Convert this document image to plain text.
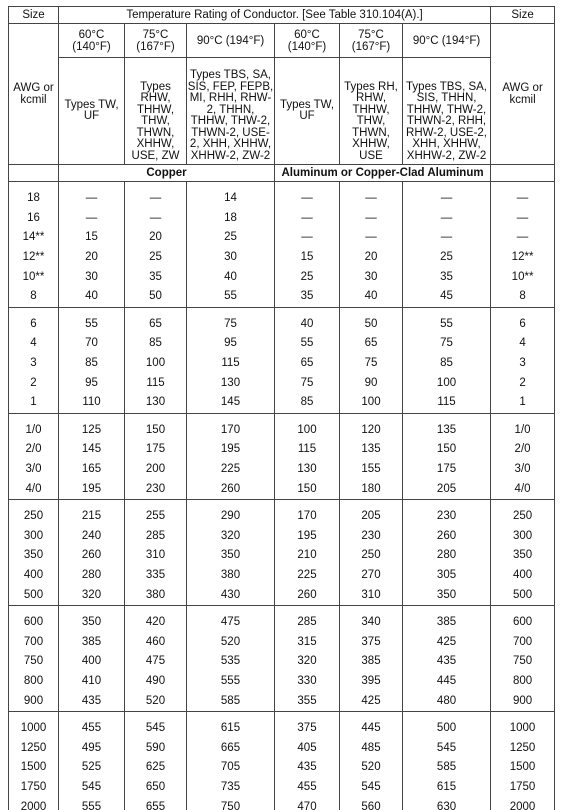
Size	Temperature Rating of Conductor. [See Table 310.104(A).]						Size
AWG or kcmil	60°C (140°F)	75°C (167°F)	90°C (194°F)	60°C (140°F)	75°C (167°F)	90°C (194°F)	AWG or kcmil
	Types TW, UF	Types RHW, THHW, THW, THWN, XHHW, USE, ZW	Types TBS, SA, SIS, FEP, FEPB, MI, RHH, RHW-2, THHN, THHW, THW-2, THWN-2, USE-2, XHH, XHHW, XHHW-2, ZW-2	Types TW, UF	Types RH, RHW, THHW, THW, THWN, XHHW, USE	Types TBS, SA, SIS, THHN, THHW, THW-2, THWN-2, RHH, RHW-2, USE-2, XHH, XHHW, XHHW-2, ZW-2	
	Copper			Aluminum or Copper-Clad Aluminum			

18	—	—	14	—	—	—	—
16	—	—	18	—	—	—	—
14**	15	20	25	—	—	—	—
12**	20	25	30	15	20	25	12**
10**	30	35	40	25	30	35	10**
8	40	50	55	35	40	45	8

6	55	65	75	40	50	55	6
4	70	85	95	55	65	75	4
3	85	100	115	65	75	85	3
2	95	115	130	75	90	100	2
1	110	130	145	85	100	115	1

1/0	125	150	170	100	120	135	1/0
2/0	145	175	195	115	135	150	2/0
3/0	165	200	225	130	155	175	3/0
4/0	195	230	260	150	180	205	4/0

250	215	255	290	170	205	230	250
300	240	285	320	195	230	260	300
350	260	310	350	210	250	280	350
400	280	335	380	225	270	305	400
500	320	380	430	260	310	350	500

600	350	420	475	285	340	385	600
700	385	460	520	315	375	425	700
750	400	475	535	320	385	435	750
800	410	490	555	330	395	445	800
900	435	520	585	355	425	480	900

1000	455	545	615	375	445	500	1000
1250	495	590	665	405	485	545	1250
1500	525	625	705	435	520	585	1500
1750	545	650	735	455	545	615	1750
2000	555	655	750	470	560	630	2000
